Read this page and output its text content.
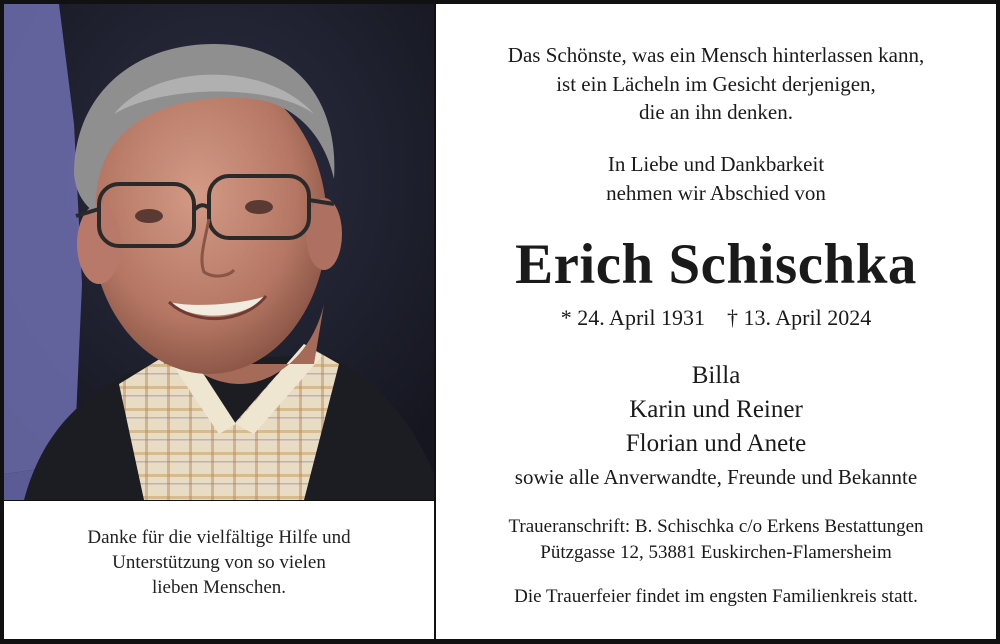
Danke für die vielfältige Hilfe und
Unterstützung von so vielen
lieben Menschen.
Das Schönste, was ein Mensch hinterlassen kann,
ist ein Lächeln im Gesicht derjenigen,
die an ihn denken.
In Liebe und Dankbarkeit
nehmen wir Abschied von
Erich Schischka
* 24. April 1931 † 13. April 2024
Billa
Karin und Reiner
Florian und Anete
sowie alle Anverwandte, Freunde und Bekannte
Traueranschrift: B. Schischka c/o Erkens Bestattungen
Pützgasse 12, 53881 Euskirchen-Flamersheim
Die Trauerfeier findet im engsten Familienkreis statt.
